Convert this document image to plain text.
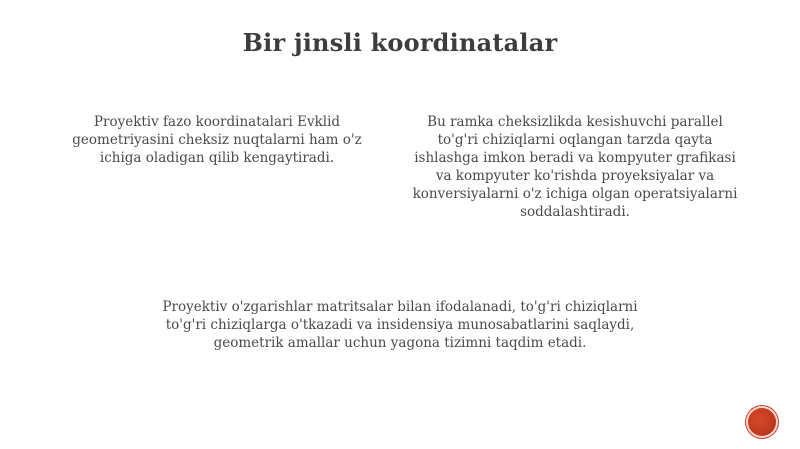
Bir jinsli koordinatalar

Proyektiv fazo koordinatalari Evklid
geometriyasini cheksiz nuqtalarni ham o'z
ichiga oladigan qilib kengaytiradi.

Bu ramka cheksizlikda kesishuvchi parallel
to'g'ri chiziqlarni oqlangan tarzda qayta
ishlashga imkon beradi va kompyuter grafikasi
va kompyuter ko'rishda proyeksiyalar va
konversiyalarni o'z ichiga olgan operatsiyalarni
soddalashtiradi.

Proyektiv o'zgarishlar matritsalar bilan ifodalanadi, to'g'ri chiziqlarni
to'g'ri chiziqlarga o'tkazadi va insidensiya munosabatlarini saqlaydi,
geometrik amallar uchun yagona tizimni taqdim etadi.
